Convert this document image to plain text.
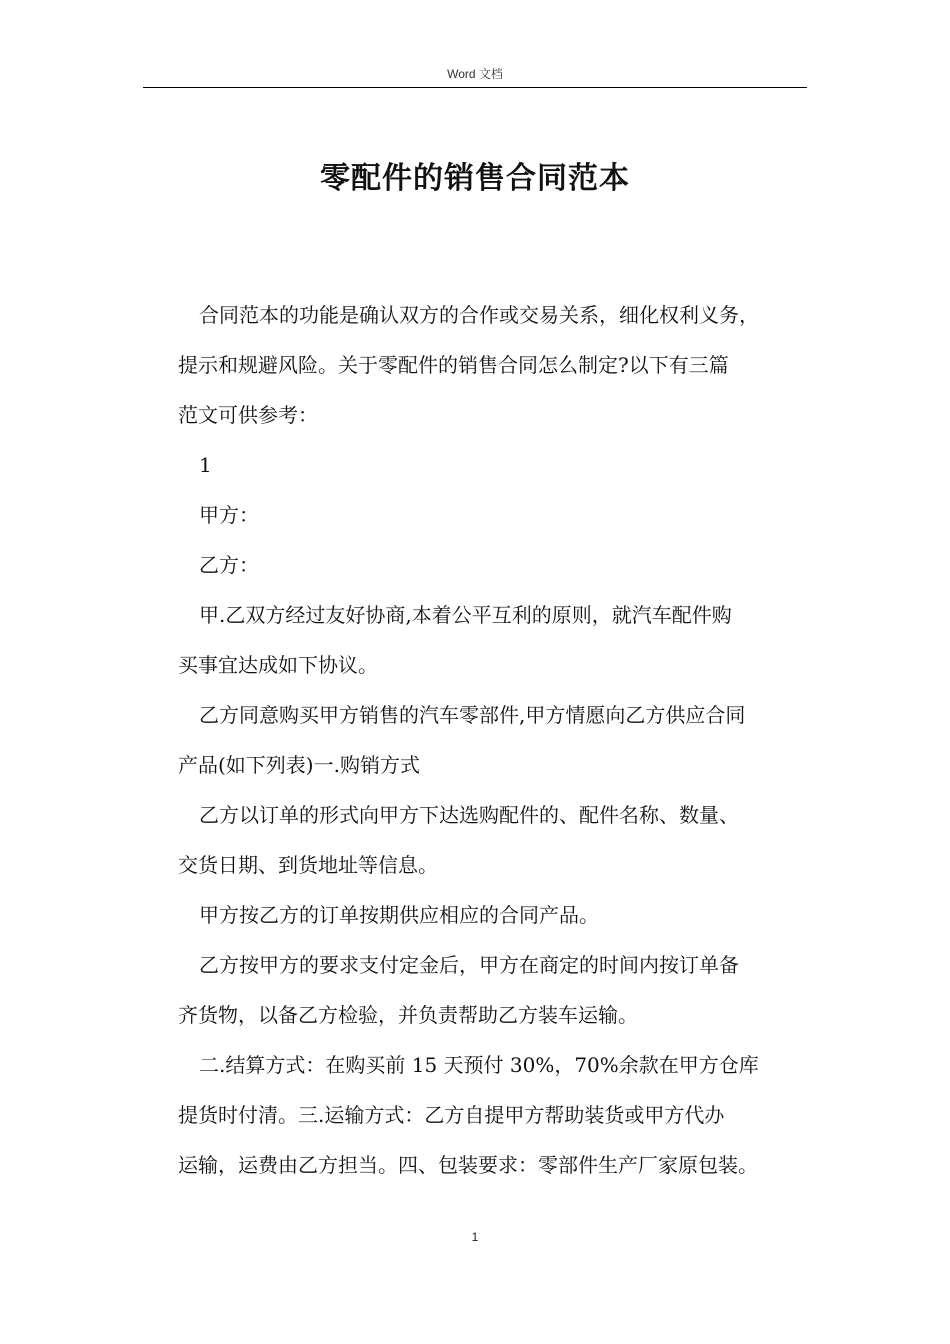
Word 文档
零配件的销售合同范本

合同范本的功能是确认双方的合作或交易关系，细化权利义务，
提示和规避风险。关于零配件的销售合同怎么制定?以下有三篇
范文可供参考：

1

甲方：

乙方：

甲.乙双方经过友好协商,本着公平互利的原则，就汽车配件购
买事宜达成如下协议。

乙方同意购买甲方销售的汽车零部件,甲方情愿向乙方供应合同
产品(如下列表)一.购销方式

乙方以订单的形式向甲方下达选购配件的、配件名称、数量、
交货日期、到货地址等信息。

甲方按乙方的订单按期供应相应的合同产品。

乙方按甲方的要求支付定金后，甲方在商定的时间内按订单备
齐货物，以备乙方检验，并负责帮助乙方装车运输。

二.结算方式：在购买前 15 天预付 30%，70%余款在甲方仓库
提货时付清。三.运输方式：乙方自提甲方帮助装货或甲方代办
运输，运费由乙方担当。四、包装要求：零部件生产厂家原包装。

1
